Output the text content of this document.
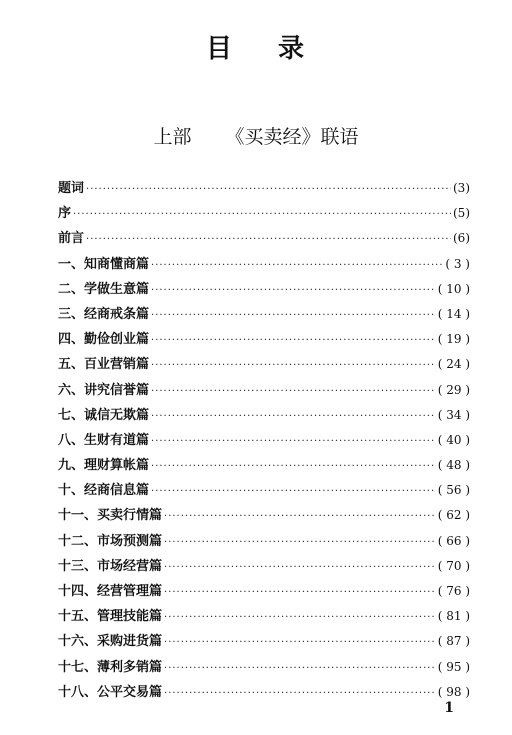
目 录
上部 《买卖经》联语
题词 ·····	(3)
序 ·····	(5)
前言 ·····	(6)
一、知商懂商篇 ·····	( 3 )
二、学做生意篇 ·····	( 10 )
三、经商戒条篇 ·····	( 14 )
四、勤俭创业篇 ·····	( 19 )
五、百业营销篇 ·····	( 24 )
六、讲究信誉篇 ·····	( 29 )
七、诚信无欺篇 ·····	( 34 )
八、生财有道篇 ·····	( 40 )
九、理财算帐篇 ·····	( 48 )
十、经商信息篇 ·····	( 56 )
十一、买卖行情篇 ·····	( 62 )
十二、市场预测篇 ·····	( 66 )
十三、市场经营篇 ·····	( 70 )
十四、经营管理篇 ·····	( 76 )
十五、管理技能篇 ·····	( 81 )
十六、采购进货篇 ·····	( 87 )
十七、薄利多销篇 ·····	( 95 )
十八、公平交易篇 ·····	( 98 )
1
